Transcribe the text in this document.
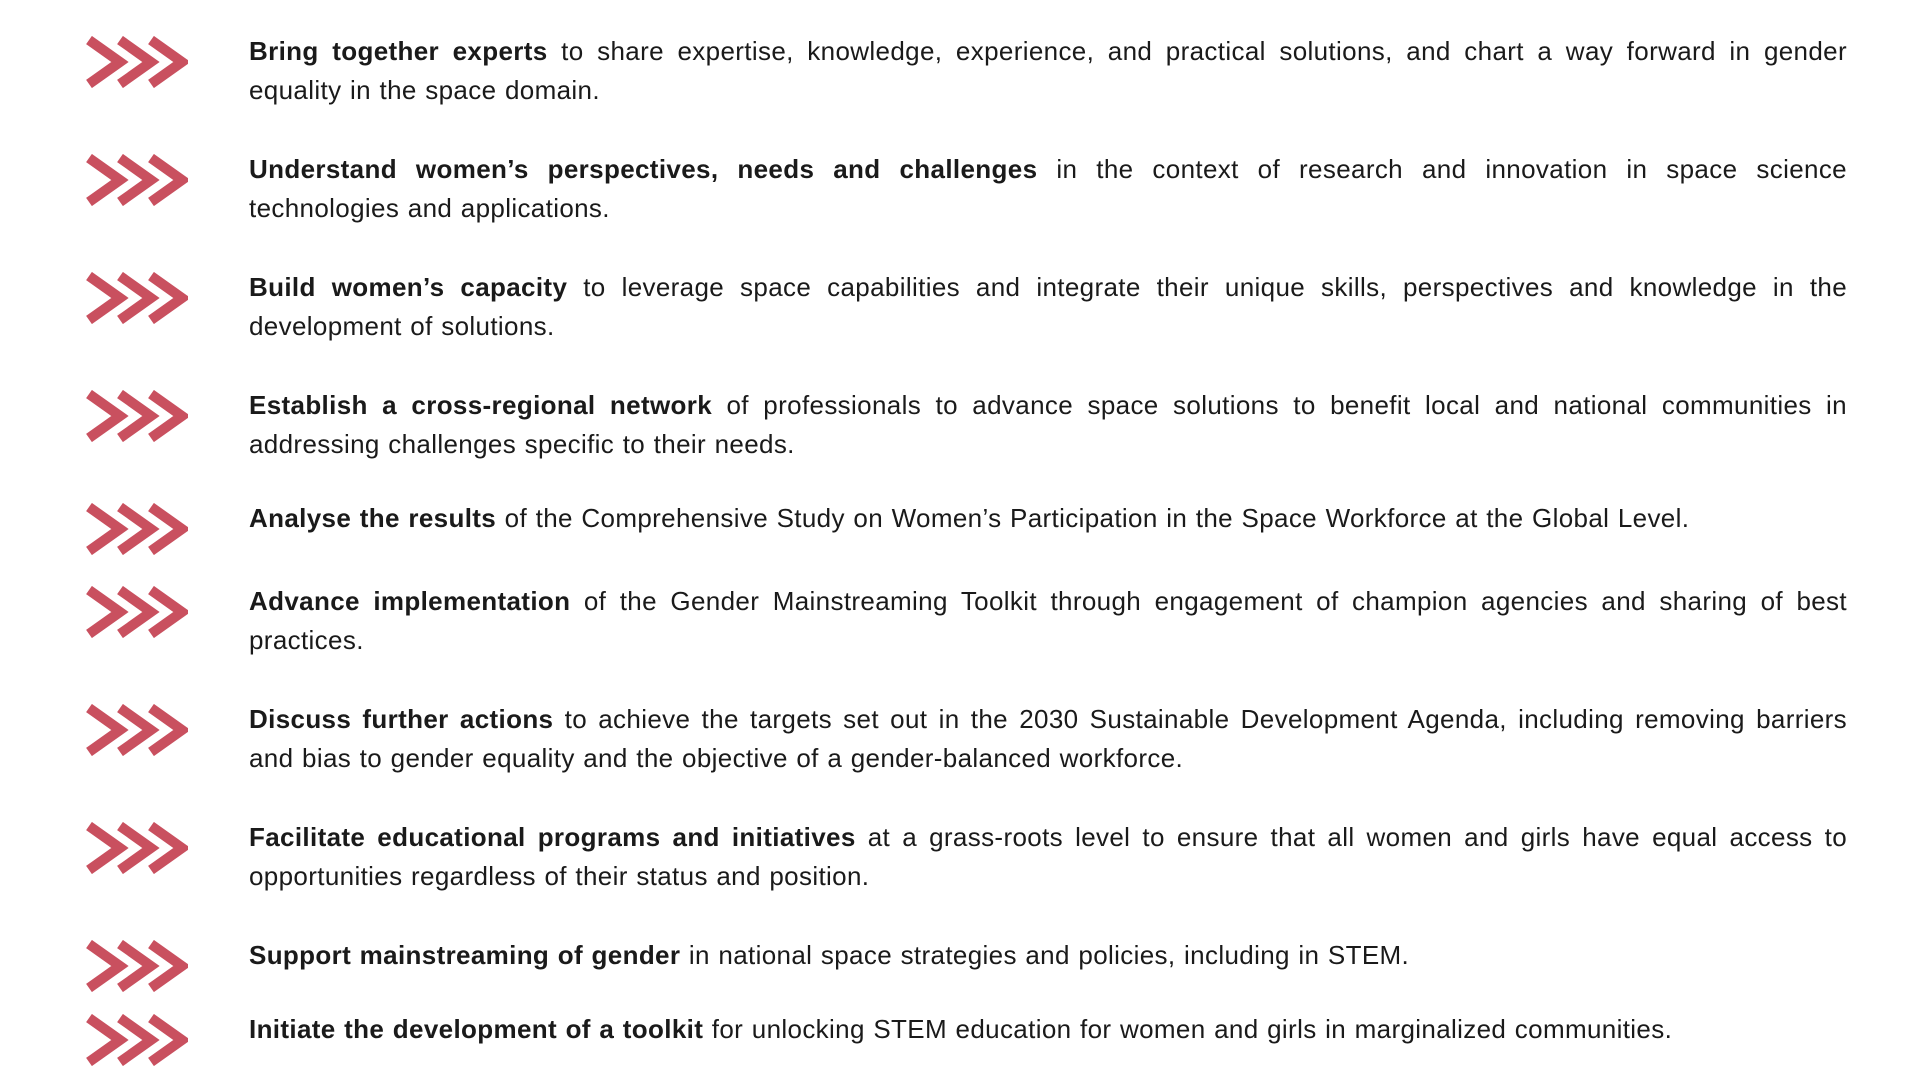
Bring together experts to share expertise, knowledge, experience, and practical solutions, and chart a way forward in gender equality in the space domain.

Understand women’s perspectives, needs and challenges in the context of research and innovation in space science technologies and applications.

Build women’s capacity to leverage space capabilities and integrate their unique skills, perspectives and knowledge in the development of solutions.

Establish a cross-regional network of professionals to advance space solutions to benefit local and national communities in addressing challenges specific to their needs.

Analyse the results of the Comprehensive Study on Women’s Participation in the Space Workforce at the Global Level.

Advance implementation of the Gender Mainstreaming Toolkit through engagement of champion agencies and sharing of best practices.

Discuss further actions to achieve the targets set out in the 2030 Sustainable Development Agenda, including removing barriers and bias to gender equality and the objective of a gender-balanced workforce.

Facilitate educational programs and initiatives at a grass-roots level to ensure that all women and girls have equal access to opportunities regardless of their status and position.

Support mainstreaming of gender in national space strategies and policies, including in STEM.

Initiate the development of a toolkit for unlocking STEM education for women and girls in marginalized communities.
